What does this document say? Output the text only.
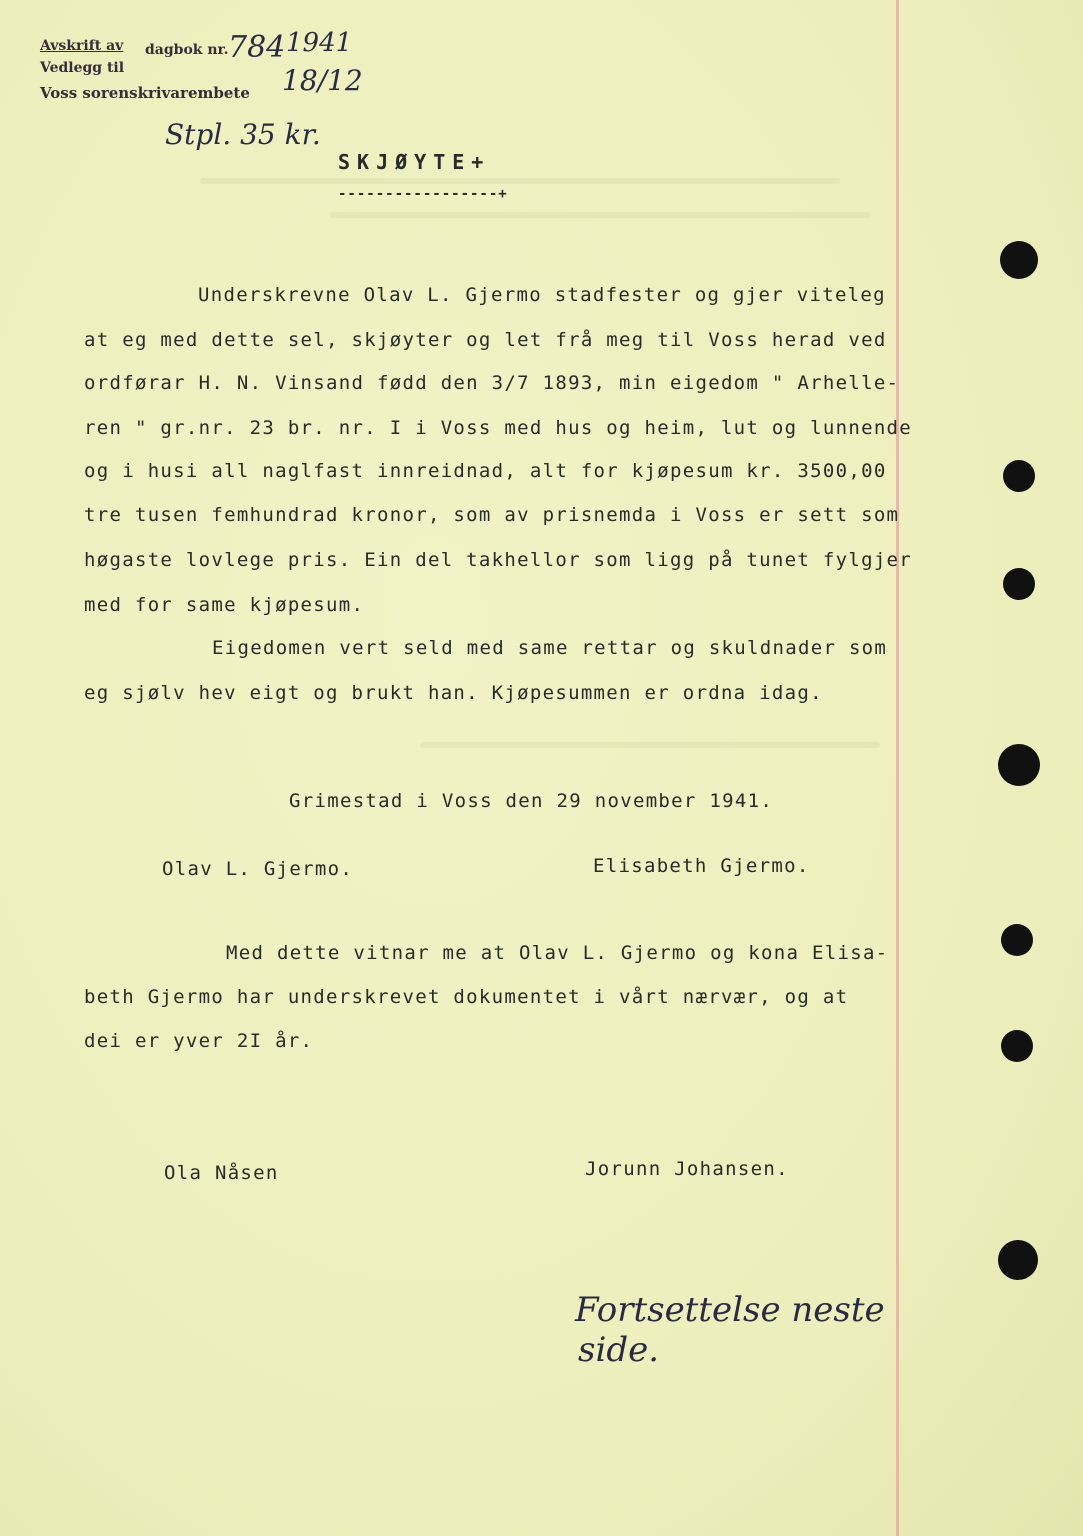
Avskrift av dagbok nr.
Vedlegg til
Voss sorenskrivarembete
784 1941
18/12
Stpl. 35 kr.
SKJØYTE+
-----------------+
Underskrevne Olav L. Gjermo stadfester og gjer viteleg
at eg med dette sel, skjøyter og let frå meg til Voss herad ved
ordførar H. N. Vinsand fødd den 3/7 1893, min eigedom " Arhelle-
ren " gr.nr. 23 br. nr. I i Voss med hus og heim, lut og lunnende
og i husi all naglfast innreidnad, alt for kjøpesum kr. 3500,00
tre tusen femhundrad kronor, som av prisnemda i Voss er sett som
høgaste lovlege pris. Ein del takhellor som ligg på tunet fylgjer
med for same kjøpesum.
Eigedomen vert seld med same rettar og skuldnader som
eg sjølv hev eigt og brukt han. Kjøpesummen er ordna idag.
Grimestad i Voss den 29 november 1941.
Olav L. Gjermo.	Elisabeth Gjermo.
Med dette vitnar me at Olav L. Gjermo og kona Elisa-
beth Gjermo har underskrevet dokumentet i vårt nærvær, og at
dei er yver 2I år.
Ola Nåsen	Jorunn Johansen.
Fortsettelse neste
side.
